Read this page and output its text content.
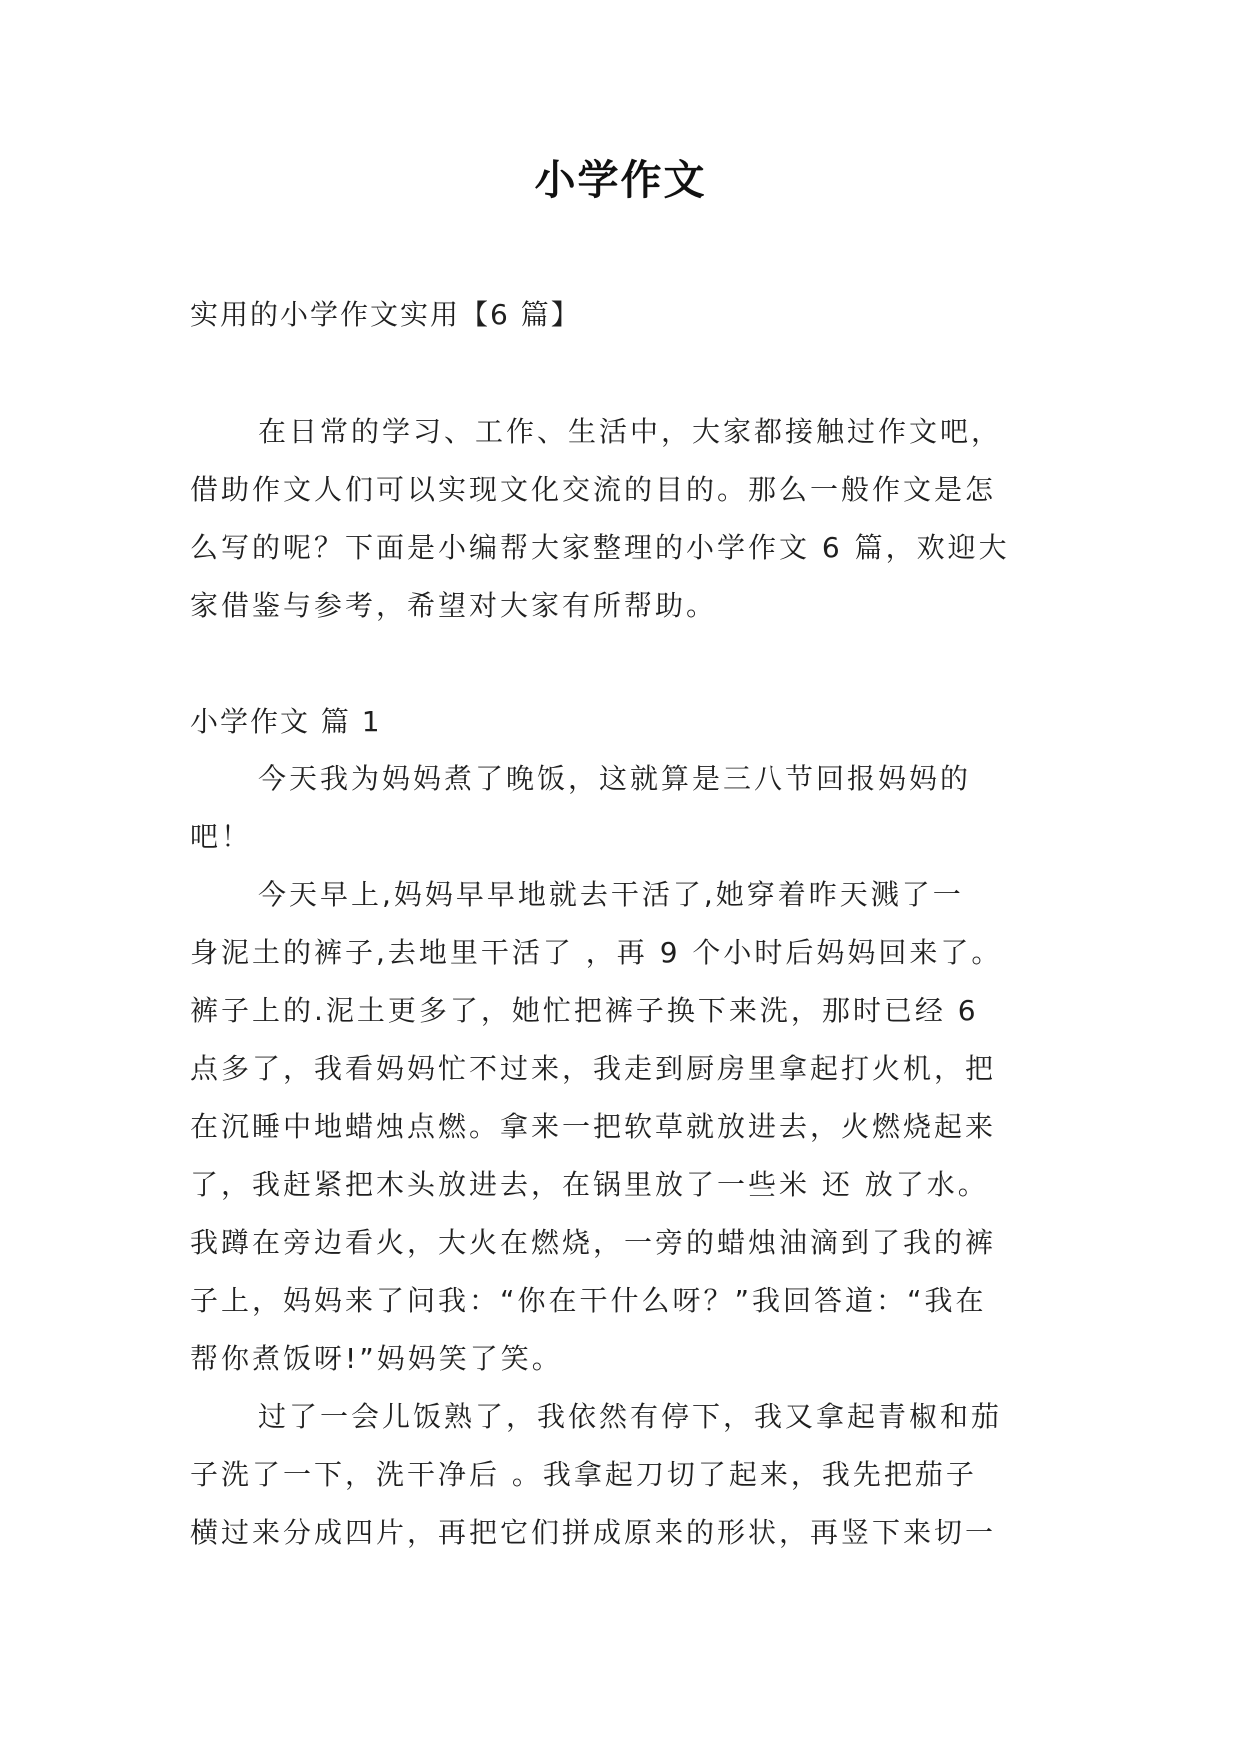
小学作文
实用的小学作文实用【6 篇】
在日常的学习、工作、生活中，大家都接触过作文吧，
借助作文人们可以实现文化交流的目的。那么一般作文是怎
么写的呢？下面是小编帮大家整理的小学作文 6 篇，欢迎大
家借鉴与参考，希望对大家有所帮助。
小学作文 篇 1

今天我为妈妈煮了晚饭，这就算是三八节回报妈妈的
吧！

今天早上,妈妈早早地就去干活了,她穿着昨天溅了一
身泥土的裤子,去地里干活了 ，再 9 个小时后妈妈回来了。
裤子上的.泥土更多了，她忙把裤子换下来洗，那时已经 6
点多了，我看妈妈忙不过来，我走到厨房里拿起打火机，把
在沉睡中地蜡烛点燃。拿来一把软草就放进去，火燃烧起来
了，我赶紧把木头放进去，在锅里放了一些米 还 放了水。
我蹲在旁边看火，大火在燃烧，一旁的蜡烛油滴到了我的裤
子上，妈妈来了问我：“你在干什么呀？”我回答道：“我在
帮你煮饭呀!”妈妈笑了笑。

过了一会儿饭熟了，我依然有停下，我又拿起青椒和茄
子洗了一下，洗干净后 。我拿起刀切了起来，我先把茄子
横过来分成四片，再把它们拼成原来的形状，再竖下来切一
